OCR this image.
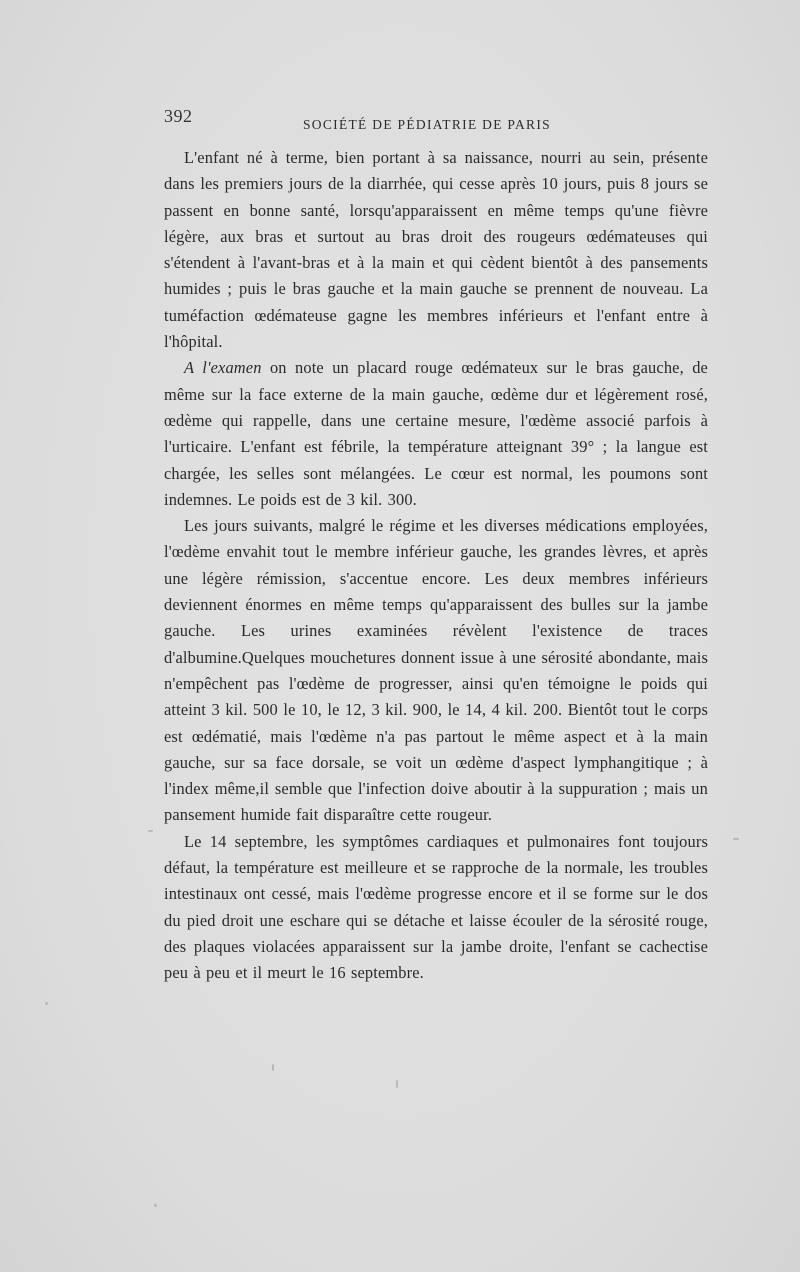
392	SOCIÉTÉ DE PÉDIATRIE DE PARIS

L'enfant né à terme, bien portant à sa naissance, nourri au sein, présente dans les premiers jours de la diarrhée, qui cesse après 10 jours, puis 8 jours se passent en bonne santé, lorsqu'apparaissent en même temps qu'une fièvre légère, aux bras et surtout au bras droit des rougeurs œdémateuses qui s'étendent à l'avant-bras et à la main et qui cèdent bientôt à des pansements humides ; puis le bras gauche et la main gauche se prennent de nouveau. La tuméfaction œdémateuse gagne les membres inférieurs et l'enfant entre à l'hôpital.

A l'examen on note un placard rouge œdémateux sur le bras gauche, de même sur la face externe de la main gauche, œdème dur et légèrement rosé, œdème qui rappelle, dans une certaine mesure, l'œdème associé parfois à l'urticaire. L'enfant est fébrile, la température atteignant 39° ; la langue est chargée, les selles sont mélangées. Le cœur est normal, les poumons sont indemnes. Le poids est de 3 kil. 300.

Les jours suivants, malgré le régime et les diverses médications employées, l'œdème envahit tout le membre inférieur gauche, les grandes lèvres, et après une légère rémission, s'accentue encore. Les deux membres inférieurs deviennent énormes en même temps qu'apparaissent des bulles sur la jambe gauche. Les urines examinées révèlent l'existence de traces d'albumine.Quelques mouchetures donnent issue à une sérosité abondante, mais n'empêchent pas l'œdème de progresser, ainsi qu'en témoigne le poids qui atteint 3 kil. 500 le 10, le 12, 3 kil. 900, le 14, 4 kil. 200. Bientôt tout le corps est œdématié, mais l'œdème n'a pas partout le même aspect et à la main gauche, sur sa face dorsale, se voit un œdème d'aspect lymphangitique ; à l'index même,il semble que l'infection doive aboutir à la suppuration ; mais un pansement humide fait disparaître cette rougeur.

Le 14 septembre, les symptômes cardiaques et pulmonaires font toujours défaut, la température est meilleure et se rapproche de la normale, les troubles intestinaux ont cessé, mais l'œdème progresse encore et il se forme sur le dos du pied droit une eschare qui se détache et laisse écouler de la sérosité rouge, des plaques violacées apparaissent sur la jambe droite, l'enfant se cachectise peu à peu et il meurt le 16 septembre.
